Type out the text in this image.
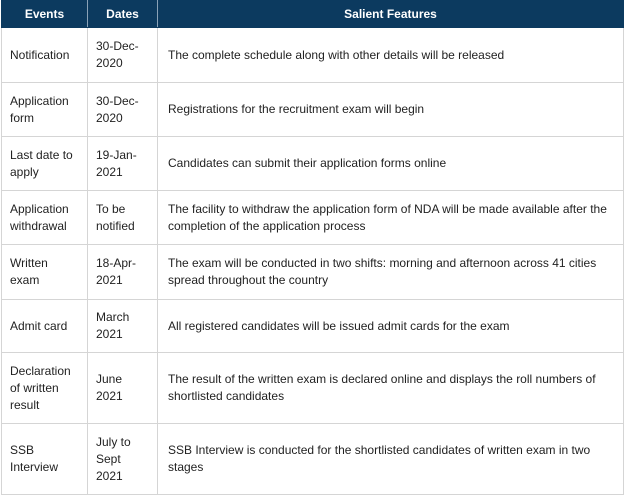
Events	Dates	Salient Features
Notification	30-Dec-2020	The complete schedule along with other details will be released
Application form	30-Dec-2020	Registrations for the recruitment exam will begin
Last date to apply	19-Jan-2021	Candidates can submit their application forms online
Application withdrawal	To be notified	The facility to withdraw the application form of NDA will be made available after the completion of the application process
Written exam	18-Apr-2021	The exam will be conducted in two shifts: morning and afternoon across 41 cities spread throughout the country
Admit card	March 2021	All registered candidates will be issued admit cards for the exam
Declaration of written result	June 2021	The result of the written exam is declared online and displays the roll numbers of shortlisted candidates
SSB Interview	July to Sept 2021	SSB Interview is conducted for the shortlisted candidates of written exam in two stages
